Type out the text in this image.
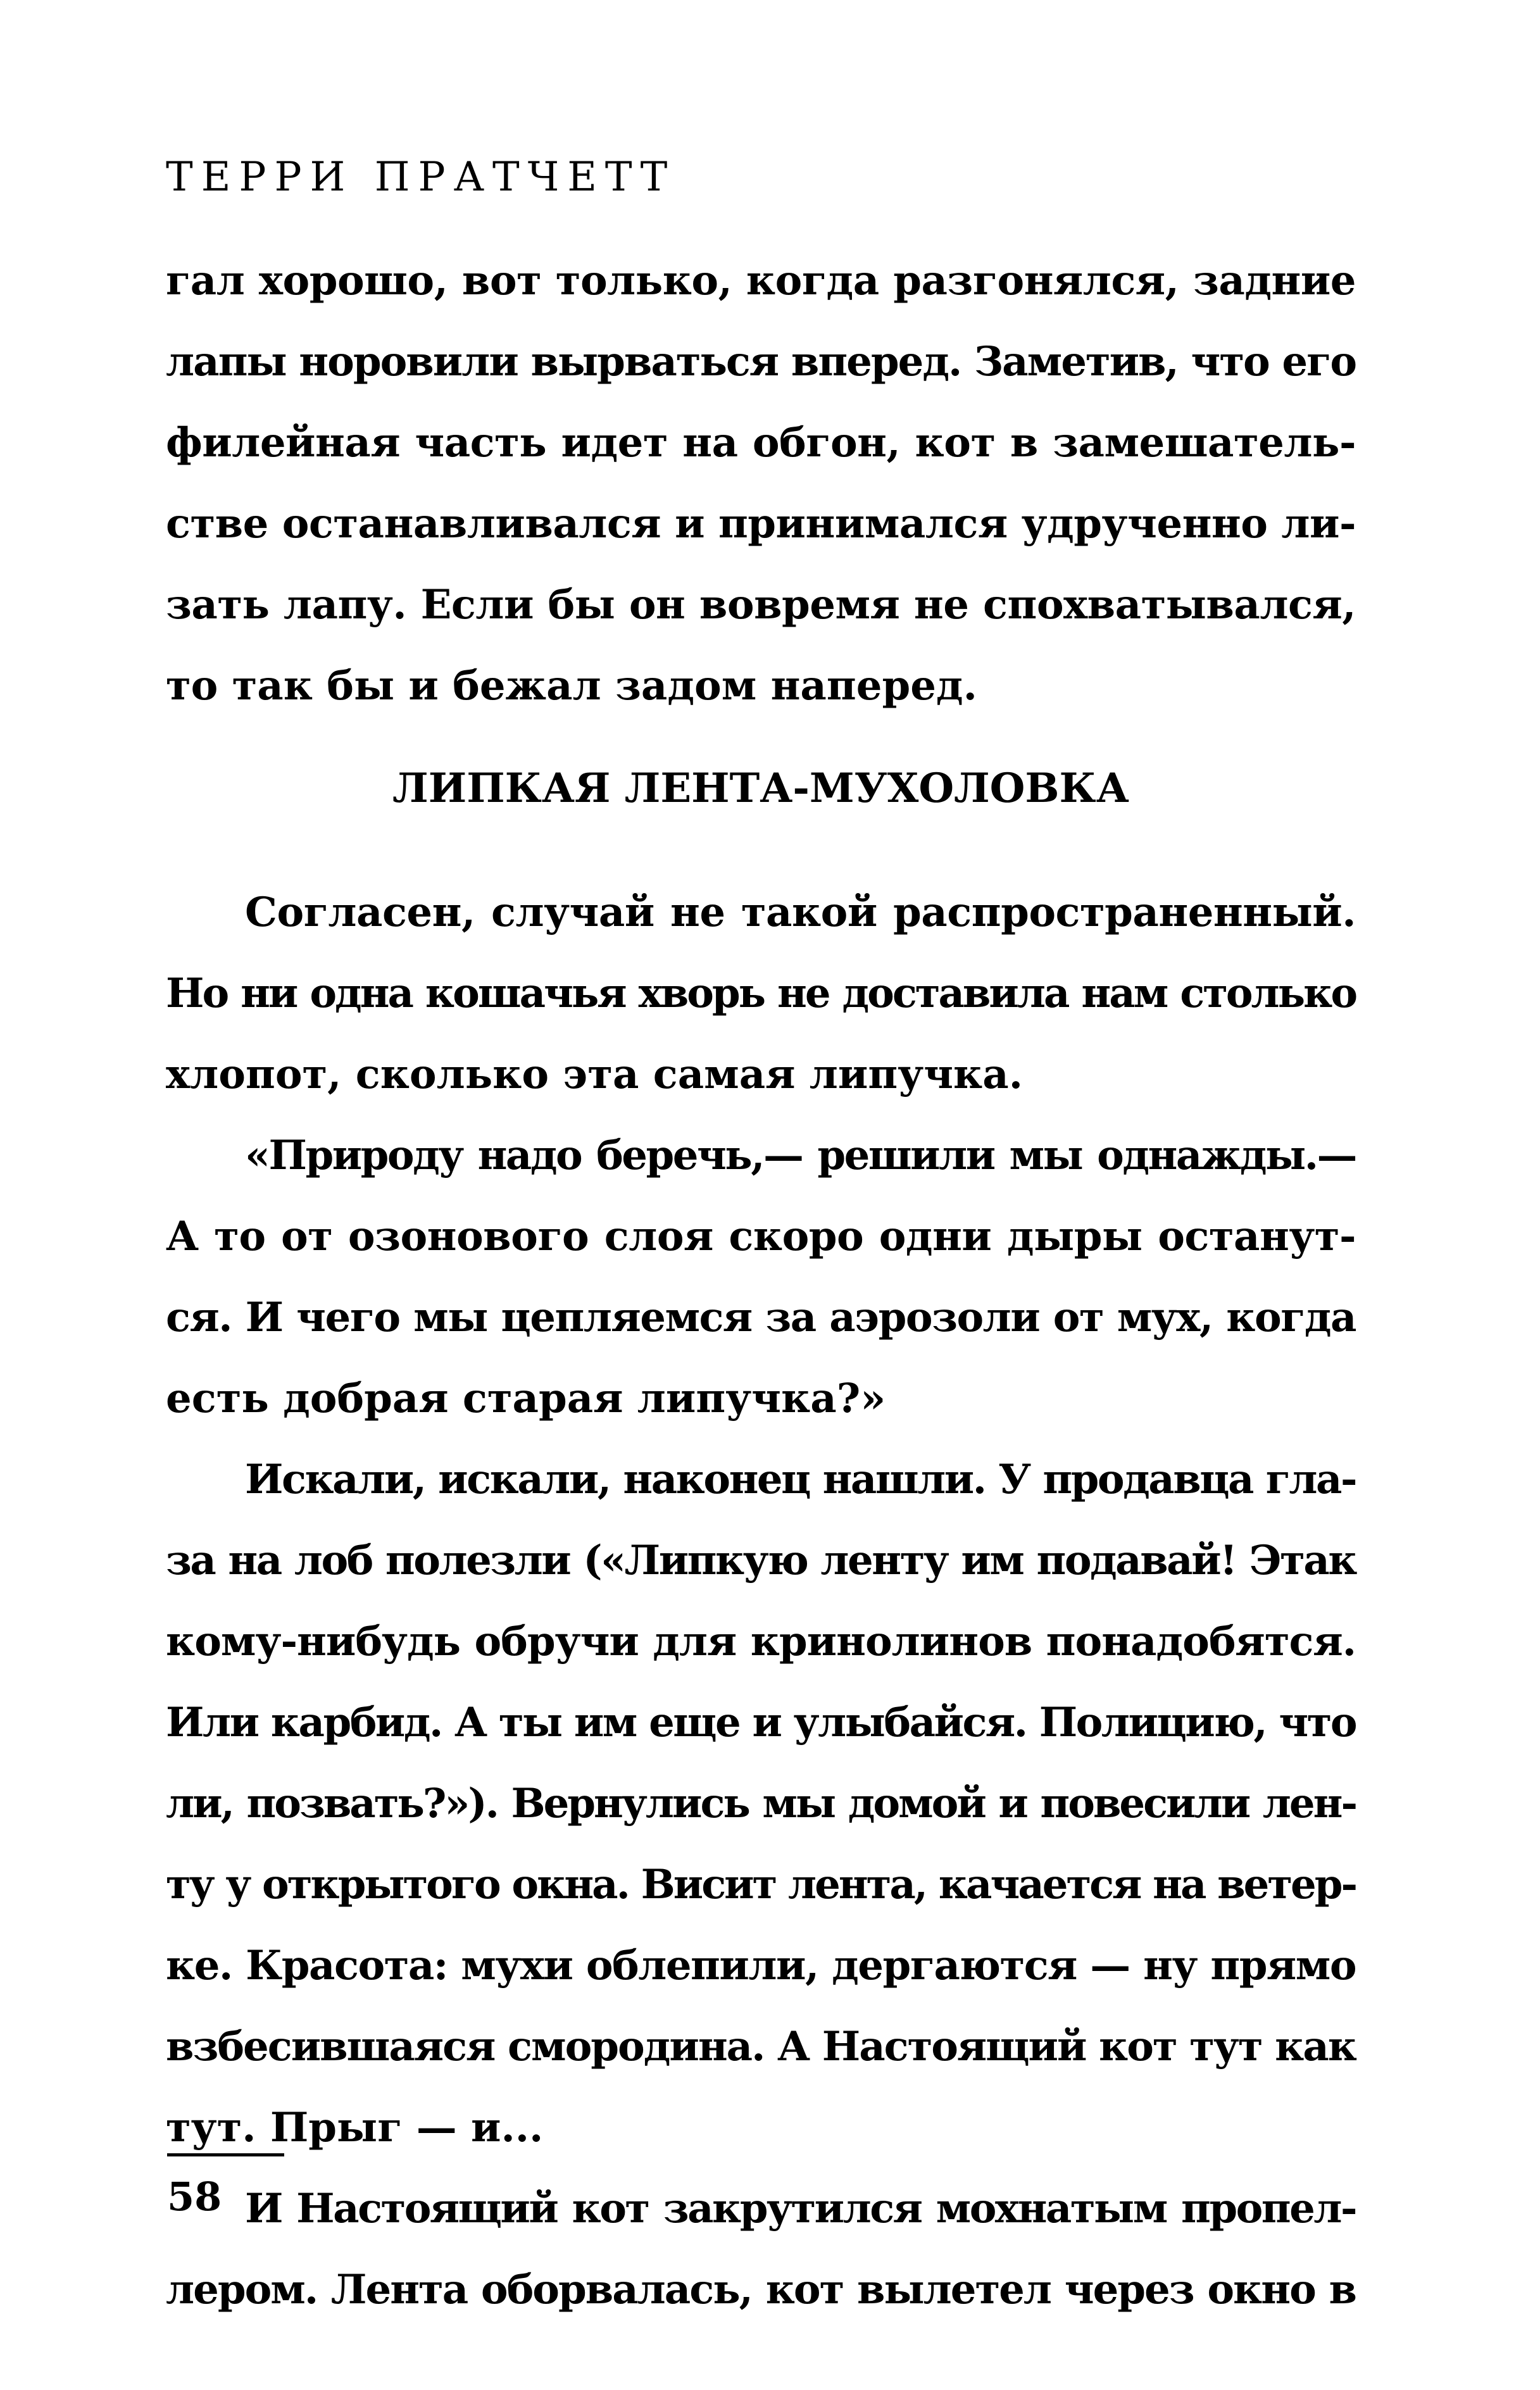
ТЕРРИ ПРАТЧЕТТ
гал хорошо, вот только, когда разгонялся, задние
лапы норовили вырваться вперед. Заметив, что его
филейная часть идет на обгон, кот в замешатель-
стве останавливался и принимался удрученно ли-
зать лапу. Если бы он вовремя не спохватывался,
то так бы и бежал задом наперед.
ЛИПКАЯ ЛЕНТА-МУХОЛОВКА
Согласен, случай не такой распространенный.
Но ни одна кошачья хворь не доставила нам столько
хлопот, сколько эта самая липучка.
«Природу надо беречь,— решили мы однажды.—
А то от озонового слоя скоро одни дыры останут-
ся. И чего мы цепляемся за аэрозоли от мух, когда
есть добрая старая липучка?»
Искали, искали, наконец нашли. У продавца гла-
за на лоб полезли («Липкую ленту им подавай! Этак
кому-нибудь обручи для кринолинов понадобятся.
Или карбид. А ты им еще и улыбайся. Полицию, что
ли, позвать?»). Вернулись мы домой и повесили лен-
ту у открытого окна. Висит лента, качается на ветер-
ке. Красота: мухи облепили, дергаются — ну прямо
взбесившаяся смородина. А Настоящий кот тут как
тут. Прыг — и...
И Настоящий кот закрутился мохнатым пропел-
лером. Лента оборвалась, кот вылетел через окно в
58
